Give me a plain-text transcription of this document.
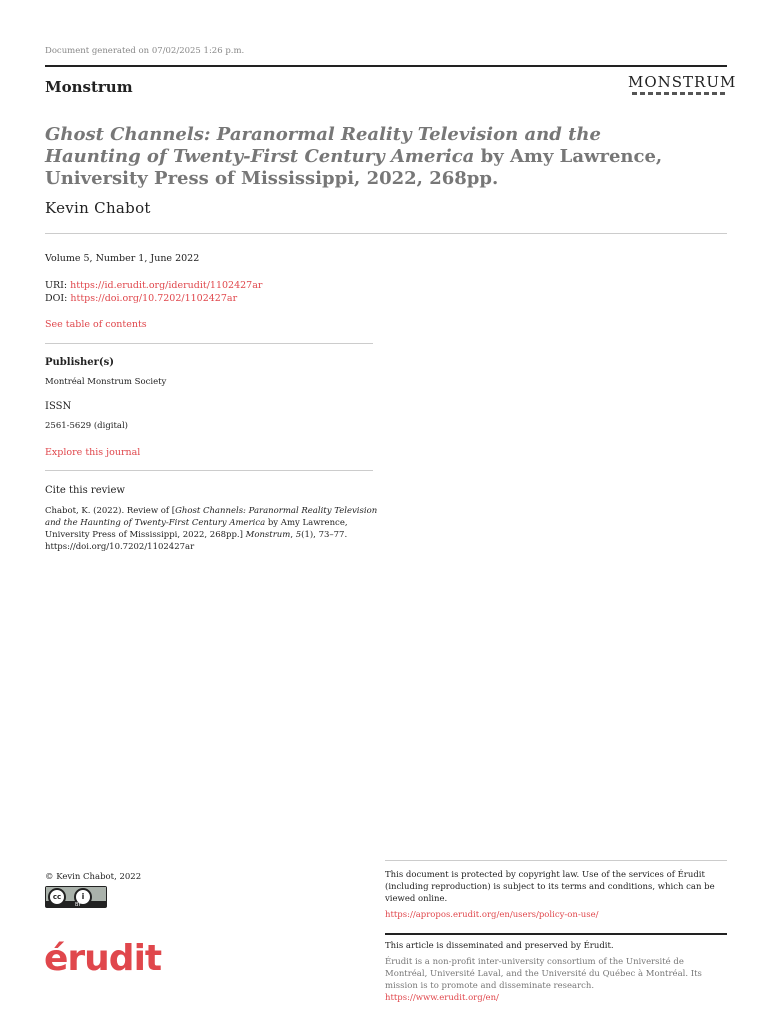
Document generated on 07/02/2025 1:26 p.m.
Monstrum	MONSTRUM
Ghost Channels: Paranormal Reality Television and the Haunting of Twenty-First Century America by Amy Lawrence, University Press of Mississippi, 2022, 268pp.
Kevin Chabot
Volume 5, Number 1, June 2022
URI: https://id.erudit.org/iderudit/1102427ar
DOI: https://doi.org/10.7202/1102427ar
See table of contents
Publisher(s)
Montréal Monstrum Society
ISSN
2561-5629 (digital)
Explore this journal
Cite this review
Chabot, K. (2022). Review of [Ghost Channels: Paranormal Reality Television and the Haunting of Twenty-First Century America by Amy Lawrence, University Press of Mississippi, 2022, 268pp.] Monstrum, 5(1), 73–77. https://doi.org/10.7202/1102427ar
© Kevin Chabot, 2022
cc	i
BY
This document is protected by copyright law. Use of the services of Érudit (including reproduction) is subject to its terms and conditions, which can be viewed online.
https://apropos.erudit.org/en/users/policy-on-use/
érudit	This article is disseminated and preserved by Érudit.
Érudit is a non-profit inter-university consortium of the Université de Montréal, Université Laval, and the Université du Québec à Montréal. Its mission is to promote and disseminate research.
https://www.erudit.org/en/
